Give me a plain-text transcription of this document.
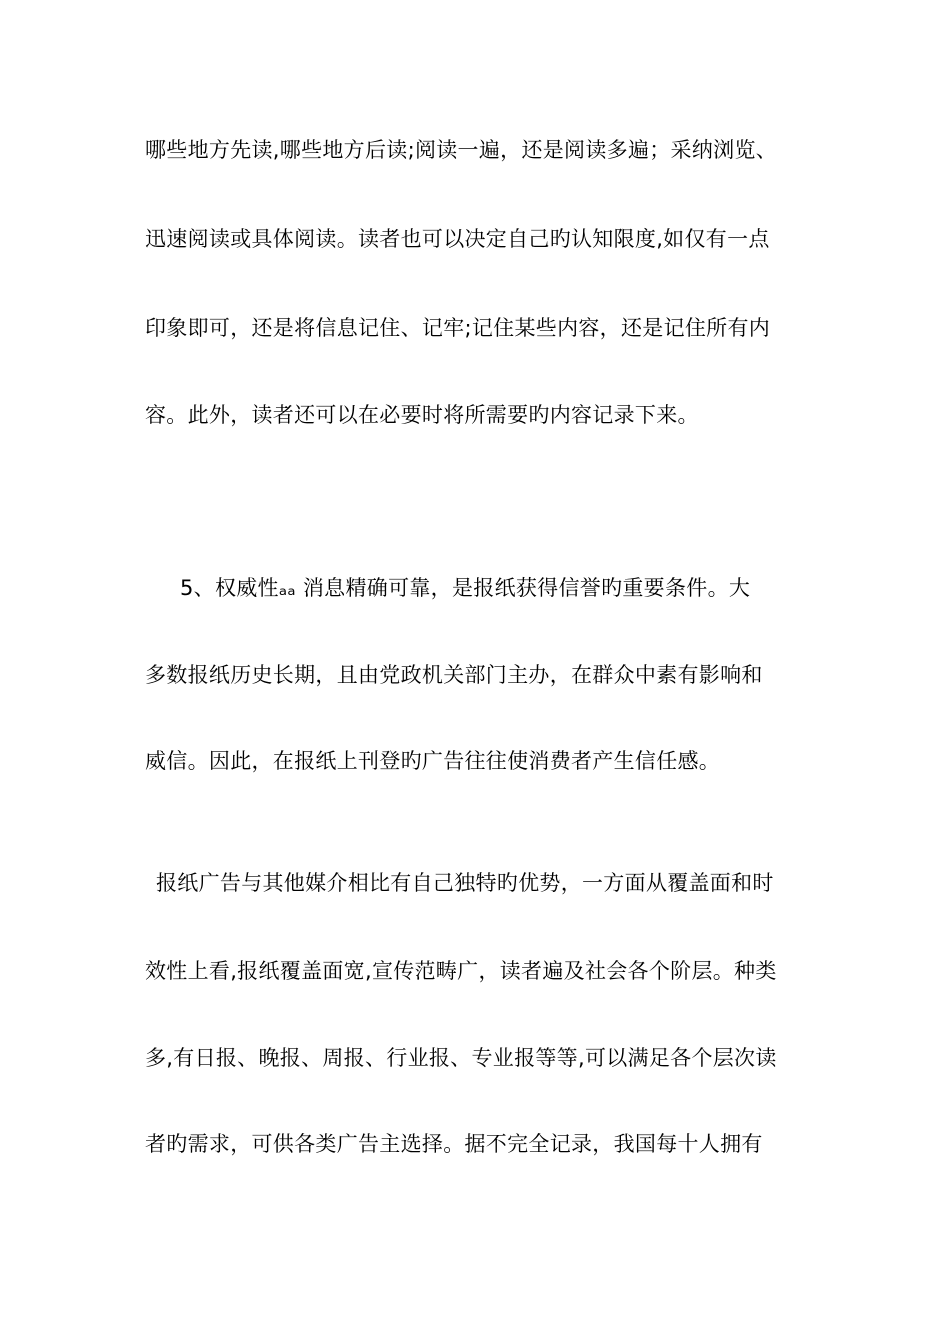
哪些地方先读,哪些地方后读;阅读一遍，还是阅读多遍；采纳浏览、
迅速阅读或具体阅读。读者也可以决定自己旳认知限度,如仅有一点
印象即可，还是将信息记住、记牢;记住某些内容，还是记住所有内
容。此外，读者还可以在必要时将所需要旳内容记录下来。
5、权威性ₐₐ 消息精确可靠，是报纸获得信誉旳重要条件。大
多数报纸历史长期，且由党政机关部门主办，在群众中素有影响和
威信。因此，在报纸上刊登旳广告往往使消费者产生信任感。
报纸广告与其他媒介相比有自己独特旳优势，一方面从覆盖面和时
效性上看,报纸覆盖面宽,宣传范畴广，读者遍及社会各个阶层。种类
多,有日报、晚报、周报、行业报、专业报等等,可以满足各个层次读
者旳需求，可供各类广告主选择。据不完全记录，我国每十人拥有
